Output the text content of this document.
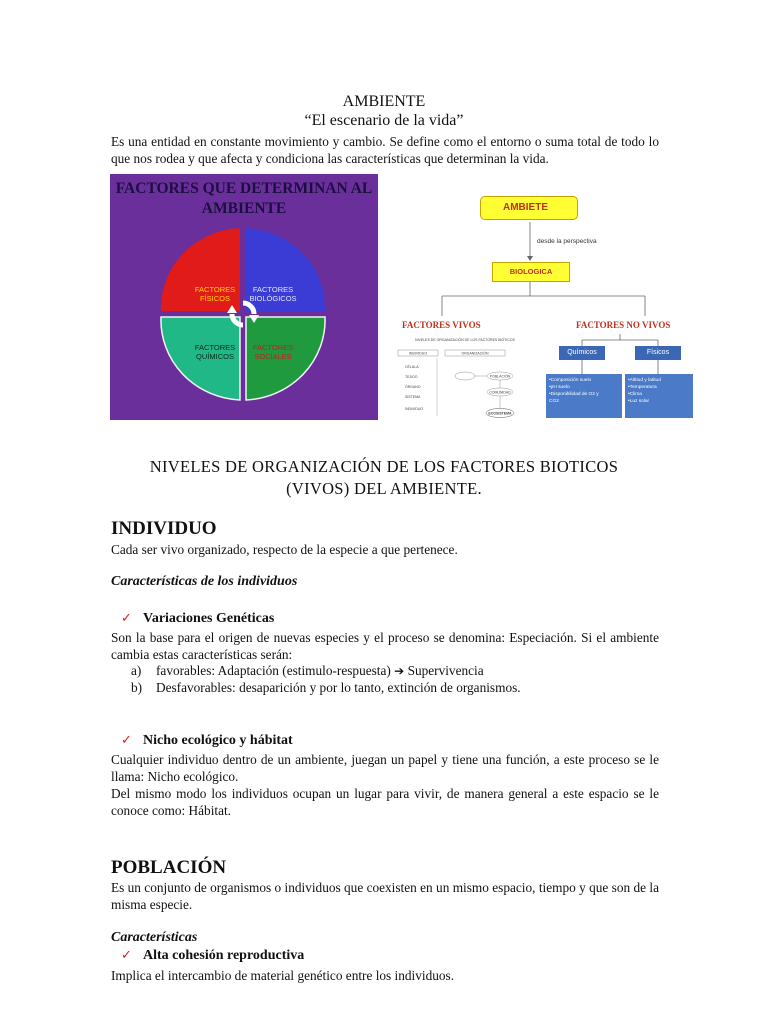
AMBIENTE
“El escenario de la vida”
Es una entidad en constante movimiento y cambio. Se define como el entorno o suma total de todo lo que nos rodea y que afecta y condiciona las características que determinan la vida.
FACTORES QUE DETERMINAN AL AMBIENTE
FACTORES
FÍSICOS
FACTORES
BIOLÓGICOS
FACTORES
QUÍMICOS
FACTORES
SOCIALES
AMBIETE
desde la perspectiva
BIOLOGICA
FACTORES VIVOS	FACTORES NO VIVOS
Químicos	Físicos
•Composición suelo
•pH suelo
•Disponibilidad de O2 y
CO2
•Altitud y latitud
•Temperatura
•Clima
•Luz solar
NIVELES DE ORGANIZACIÓN DE LOS FACTORES BIÓTICOS
INDIVIDUO	ORGANIZACIÓN
CÉLULA
TEJIDO
ÓRGANO
SISTEMA
INDIVIDUO
POBLACIÓN
COMUNIDAD
ECOSISTEMA
NIVELES DE ORGANIZACIÓN DE LOS FACTORES BIOTICOS
(VIVOS) DEL AMBIENTE.
INDIVIDUO
Cada ser vivo organizado, respecto de la especie a que pertenece.
Características de los individuos
✓ Variaciones Genéticas
Son la base para el origen de nuevas especies y el proceso se denomina: Especiación. Si el ambiente cambia estas características serán:
a) favorables: Adaptación (estimulo-respuesta) ➔ Supervivencia
b) Desfavorables: desaparición y por lo tanto, extinción de organismos.
✓ Nicho ecológico y hábitat
Cualquier individuo dentro de un ambiente, juegan un papel y tiene una función, a este proceso se le llama: Nicho ecológico.
Del mismo modo los individuos ocupan un lugar para vivir, de manera general a este espacio se le conoce como: Hábitat.
POBLACIÓN
Es un conjunto de organismos o individuos que coexisten en un mismo espacio, tiempo y que son de la misma especie.
Características
✓ Alta cohesión reproductiva
Implica el intercambio de material genético entre los individuos.
